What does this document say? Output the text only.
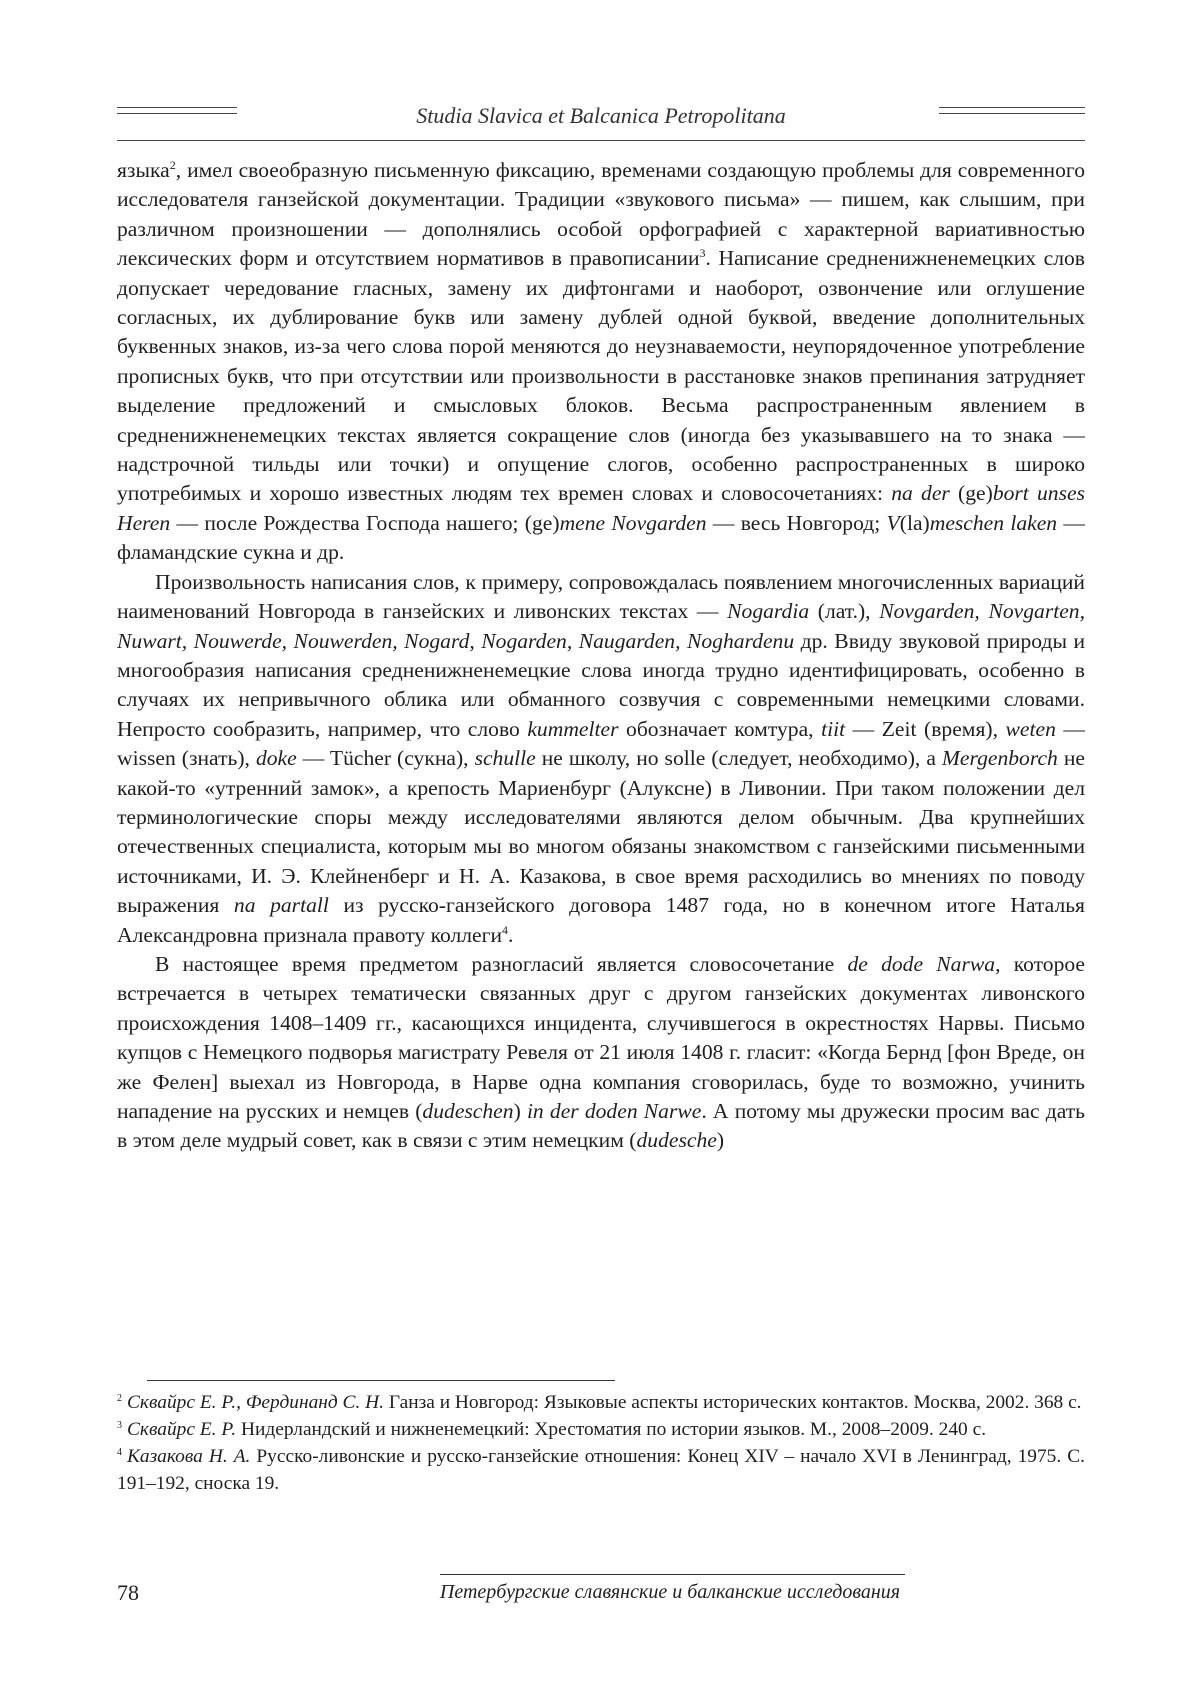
Studia Slavica et Balcanica Petropolitana

языка$^2$, имел своеобразную письменную фиксацию, временами создающую проблемы для современного исследователя ганзейской документации. Традиции «звукового письма» — пишем, как слышим, при различном произношении — дополнялись особой орфографией с характерной вариативностью лексических форм и отсутствием нормативов в правописании$^3$. Написание средненижненемецких слов допускает чередование гласных, замену их дифтонгами и наоборот, озвончение или оглушение согласных, их дублирование букв или замену дублей одной буквой, введение дополнительных буквенных знаков, из-за чего слова порой меняются до неузнаваемости, неупорядоченное употребление прописных букв, что при отсутствии или произвольности в расстановке знаков препинания затрудняет выделение предложений и смысловых блоков. Весьма распространенным явлением в средненижненемецких текстах является сокращение слов (иногда без указывавшего на то знака — надстрочной тильды или точки) и опущение слогов, особенно распространенных в широко употребимых и хорошо известных людям тех времен словах и словосочетаниях: na der (ge)bort unses Heren — после Рождества Господа нашего; (ge)mene Novgarden — весь Новгород; V(la)meschen laken — фламандские сукна и др.

Произвольность написания слов, к примеру, сопровождалась появлением многочисленных вариаций наименований Новгорода в ганзейских и ливонских текстах — Nogardia (лат.), Novgarden, Novgarten, Nuwart, Nouwerde, Nouwerden, Nogard, Nogarden, Naugarden, Noghardenи др. Ввиду звуковой природы и многообразия написания средненижненемецкие слова иногда трудно идентифицировать, особенно в случаях их непривычного облика или обманного созвучия с современными немецкими словами. Непросто сообразить, например, что слово kummelter обозначает комтура, tiit — Zeit (время), weten — wissen (знать), doke — Tücher (сукна), schulle не школу, но solle (следует, необходимо), а Mergenborch не какой-то «утренний замок», а крепость Мариенбург (Алуксне) в Ливонии. При таком положении дел терминологические споры между исследователями являются делом обычным. Два крупнейших отечественных специалиста, которым мы во многом обязаны знакомством с ганзейскими письменными источниками, И. Э. Клейненберг и Н. А. Казакова, в свое время расходились во мнениях по поводу выражения na partall из русско-ганзейского договора 1487 года, но в конечном итоге Наталья Александровна признала правоту коллеги$^4$.

В настоящее время предметом разногласий является словосочетание de dode Narwa, которое встречается в четырех тематически связанных друг с другом ганзейских документах ливонского происхождения 1408–1409 гг., касающихся инцидента, случившегося в окрестностях Нарвы. Письмо купцов с Немецкого подворья магистрату Ревеля от 21 июля 1408 г. гласит: «Когда Бернд [фон Вреде, он же Фелен] выехал из Новгорода, в Нарве одна компания сговорилась, буде то возможно, учинить нападение на русских и немцев (dudeschen) in der doden Narwe. А потому мы дружески просим вас дать в этом деле мудрый совет, как в связи с этим немецким (dudesche)

$^2$ Сквайрс Е. Р., Фердинанд С. Н. Ганза и Новгород: Языковые аспекты исторических контактов. Москва, 2002. 368 с.

$^3$ Сквайрс Е. Р. Нидерландский и нижненемецкий: Хрестоматия по истории языков. М., 2008–2009. 240 с.

$^4$ Казакова Н. А. Русско-ливонские и русско-ганзейские отношения: Конец XIV – начало XVI в Ленинград, 1975. С. 191–192, сноска 19.

78	Петербургские славянские и балканские исследования
